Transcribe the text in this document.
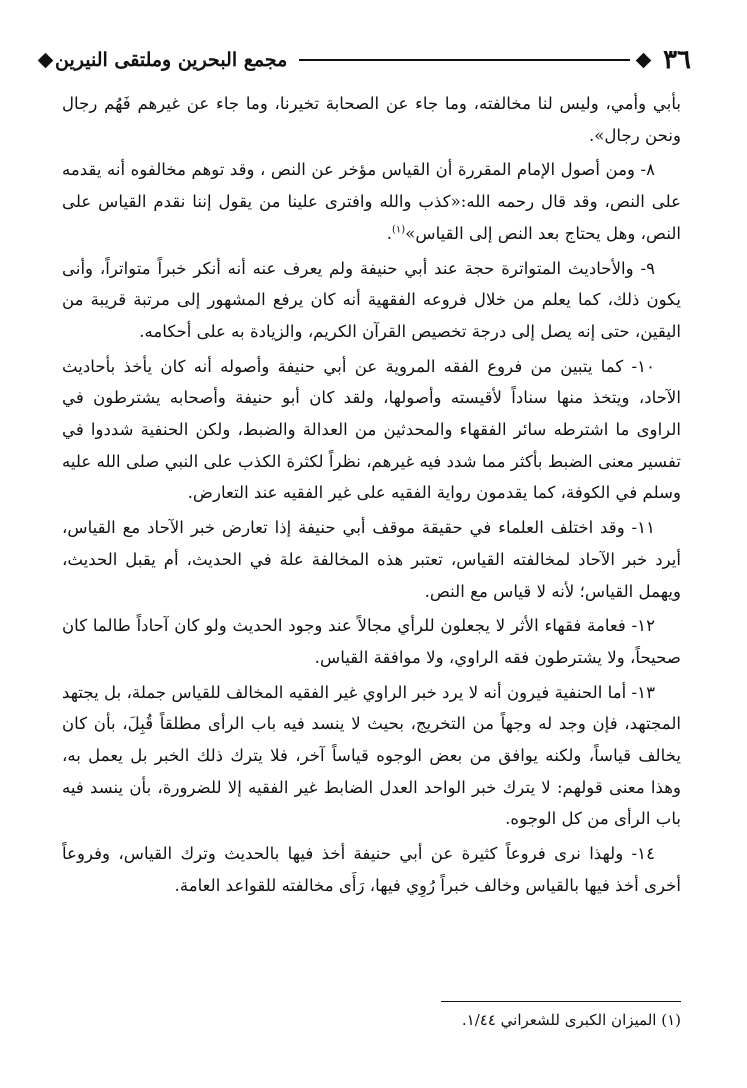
٣٦
مجمع البحرين وملتقى النيرين

بأبي وأمي، وليس لنا مخالفته، وما جاء عن الصحابة تخيرنا، وما جاء عن غيرهم فَهُم رجال ونحن رجال».

٨- ومن أصول الإمام المقررة أن القياس مؤخر عن النص ، وقد توهم مخالفوه أنه يقدمه على النص، وقد قال رحمه الله:«كذب والله وافترى علينا من يقول إننا نقدم القياس على النص، وهل يحتاج بعد النص إلى القياس»$^{(١)}$.

٩- والأحاديث المتواترة حجة عند أبي حنيفة ولم يعرف عنه أنه أنكر خبراً متواتراً، وأنى يكون ذلك، كما يعلم من خلال فروعه الفقهية أنه كان يرفع المشهور إلى مرتبة قريبة من اليقين، حتى إنه يصل إلى درجة تخصيص القرآن الكريم، والزيادة به على أحكامه.

١٠- كما يتبين من فروع الفقه المروية عن أبي حنيفة وأصوله أنه كان يأخذ بأحاديث الآحاد، ويتخذ منها سناداً لأقيسته وأصولها، ولقد كان أبو حنيفة وأصحابه يشترطون في الراوى ما اشترطه سائر الفقهاء والمحدثين من العدالة والضبط، ولكن الحنفية شددوا في تفسير معنى الضبط بأكثر مما شدد فيه غيرهم، نظراً لكثرة الكذب على النبي صلى الله عليه وسلم في الكوفة، كما يقدمون رواية الفقيه على غير الفقيه عند التعارض.

١١- وقد اختلف العلماء في حقيقة موقف أبي حنيفة إذا تعارض خبر الآحاد مع القياس، أيرد خبر الآحاد لمخالفته القياس، تعتبر هذه المخالفة علة في الحديث، أم يقبل الحديث، ويهمل القياس؛ لأنه لا قياس مع النص.

١٢- فعامة فقهاء الأثر لا يجعلون للرأي مجالاً عند وجود الحديث ولو كان آحاداً طالما كان صحيحاً، ولا يشترطون فقه الراوي، ولا موافقة القياس.

١٣- أما الحنفية فيرون أنه لا يرد خبر الراوي غير الفقيه المخالف للقياس جملة، بل يجتهد المجتهد، فإن وجد له وجهاً من التخريج، بحيث لا ينسد فيه باب الرأى مطلقاً قُبِلَ، بأن كان يخالف قياساً، ولكنه يوافق من بعض الوجوه قياساً آخر، فلا يترك ذلك الخبر بل يعمل به، وهذا معنى قولهم: لا يترك خبر الواحد العدل الضابط غير الفقيه إلا للضرورة، بأن ينسد فيه باب الرأى من كل الوجوه.

١٤- ولهذا نرى فروعاً كثيرة عن أبي حنيفة أخذ فيها بالحديث وترك القياس، وفروعاً أخرى أخذ فيها بالقياس وخالف خبراً رُوِي فيها، رَأَى مخالفته للقواعد العامة.

(١) الميزان الكبرى للشعراني ١/٤٤.
